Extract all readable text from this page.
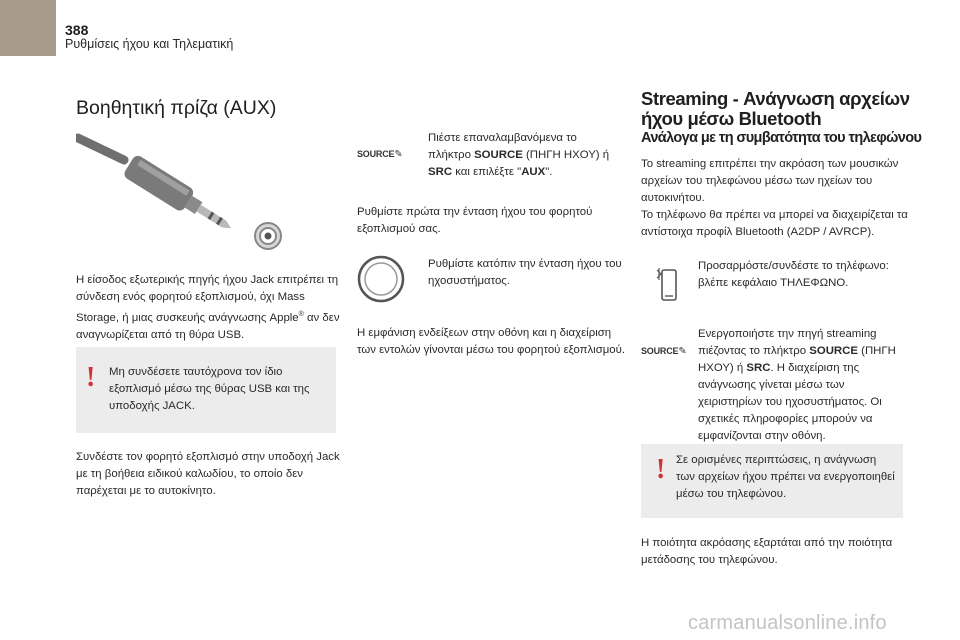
388
Ρυθμίσεις ήχου και Τηλεματική
Βοηθητική πρίζα (AUX)

Η είσοδος εξωτερικής πηγής ήχου Jack επιτρέπει τη σύνδεση ενός φορητού εξοπλισμού, όχι Mass Storage, ή μιας συσκευής ανάγνωσης Apple® αν δεν αναγνωρίζεται από τη θύρα USB.

! Μη συνδέσετε ταυτόχρονα τον ίδιο εξοπλισμό μέσω της θύρας USB και της υποδοχής JACK.

Συνδέστε τον φορητό εξοπλισμό στην υποδοχή Jack με τη βοήθεια ειδικού καλωδίου, το οποίο δεν παρέχεται με το αυτοκίνητο.

SOURCE✎

Πιέστε επαναλαμβανόμενα το πλήκτρο SOURCE (ΠΗΓΗ ΗΧΟΥ) ή SRC και επιλέξτε "AUX".

Ρυθμίστε πρώτα την ένταση ήχου του φορητού εξοπλισμού σας.

Ρυθμίστε κατόπιν την ένταση ήχου του ηχοσυστήματος.

Η εμφάνιση ενδείξεων στην οθόνη και η διαχείριση των εντολών γίνονται μέσω του φορητού εξοπλισμού.

Streaming - Ανάγνωση αρχείων ήχου μέσω Bluetooth
Ανάλογα με τη συμβατότητα του τηλεφώνου

Το streaming επιτρέπει την ακρόαση των μουσικών αρχείων του τηλεφώνου μέσω των ηχείων του αυτοκινήτου.

Το τηλέφωνο θα πρέπει να μπορεί να διαχειρίζεται τα αντίστοιχα προφίλ Bluetooth (A2DP / AVRCP).

Προσαρμόστε/συνδέστε το τηλέφωνο: βλέπε κεφάλαιο ΤΗΛΕΦΩΝΟ.

SOURCE✎

Ενεργοποιήστε την πηγή streaming πιέζοντας το πλήκτρο SOURCE (ΠΗΓΗ ΗΧΟΥ) ή SRC. Η διαχείριση της ανάγνωσης γίνεται μέσω των χειριστηρίων του ηχοσυστήματος. Οι σχετικές πληροφορίες μπορούν να εμφανίζονται στην οθόνη.

! Σε ορισμένες περιπτώσεις, η ανάγνωση των αρχείων ήχου πρέπει να ενεργοποιηθεί μέσω του τηλεφώνου.

Η ποιότητα ακρόασης εξαρτάται από την ποιότητα μετάδοσης του τηλεφώνου.

carmanualsonline.info
